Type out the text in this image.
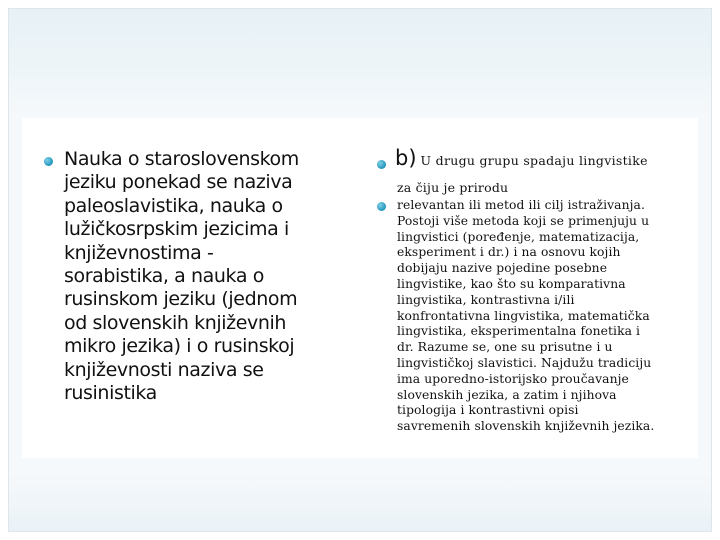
Nauka o staroslovenskom
jeziku ponekad se naziva
paleoslavistika, nauka o
lužičkosrpskim jezicima i
književnostima -
sorabistika, a nauka o
rusinskom jeziku (jednom
od slovenskih književnih
mikro jezika) i o rusinskoj
književnosti naziva se
rusinistika
b) U drugu grupu spadaju lingvistike
za čiju je prirodu
relevantan ili metod ili cilj istraživanja.
Postoji više metoda koji se primenjuju u
lingvistici (poređenje, matematizacija,
eksperiment i dr.) i na osnovu kojih
dobijaju nazive pojedine posebne
lingvistike, kao što su komparativna
lingvistika, kontrastivna i/ili
konfrontativna lingvistika, matematička
lingvistika, eksperimentalna fonetika i
dr. Razume se, one su prisutne i u
lingvističkoj slavistici. Najdužu tradiciju
ima uporedno-istorijsko proučavanje
slovenskih jezika, a zatim i njihova
tipologija i kontrastivni opisi
savremenih slovenskih književnih jezika.
